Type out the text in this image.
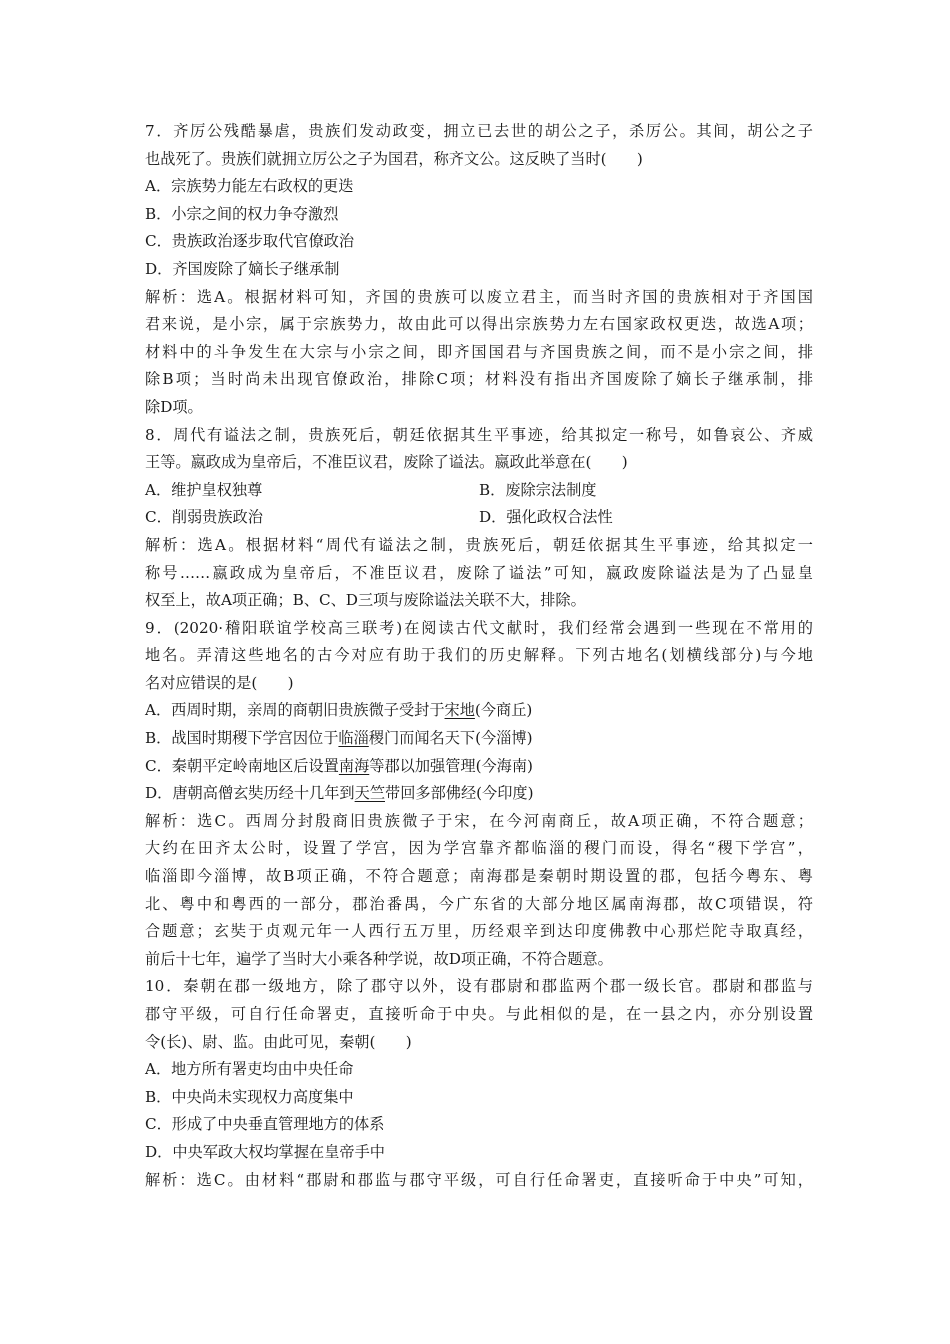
7．齐厉公残酷暴虐，贵族们发动政变，拥立已去世的胡公之子，杀厉公。其间，胡公之子
也战死了。贵族们就拥立厉公之子为国君，称齐文公。这反映了当时(　　)
A．宗族势力能左右政权的更迭
B．小宗之间的权力争夺激烈
C．贵族政治逐步取代官僚政治
D．齐国废除了嫡长子继承制
解析：选A。根据材料可知，齐国的贵族可以废立君主，而当时齐国的贵族相对于齐国国
君来说，是小宗，属于宗族势力，故由此可以得出宗族势力左右国家政权更迭，故选A项；
材料中的斗争发生在大宗与小宗之间，即齐国国君与齐国贵族之间，而不是小宗之间，排
除B项；当时尚未出现官僚政治，排除C项；材料没有指出齐国废除了嫡长子继承制，排
除D项。
8．周代有谥法之制，贵族死后，朝廷依据其生平事迹，给其拟定一称号，如鲁哀公、齐威
王等。嬴政成为皇帝后，不准臣议君，废除了谥法。嬴政此举意在(　　)
A．维护皇权独尊	B．废除宗法制度
C．削弱贵族政治	D．强化政权合法性
解析：选A。根据材料“周代有谥法之制，贵族死后，朝廷依据其生平事迹，给其拟定一
称号……嬴政成为皇帝后，不准臣议君，废除了谥法”可知，嬴政废除谥法是为了凸显皇
权至上，故A项正确；B、C、D三项与废除谥法关联不大，排除。
9．(2020·稽阳联谊学校高三联考)在阅读古代文献时，我们经常会遇到一些现在不常用的
地名。弄清这些地名的古今对应有助于我们的历史解释。下列古地名(划横线部分)与今地
名对应错误的是(　　)
A．西周时期，亲周的商朝旧贵族微子受封于宋地(今商丘)
B．战国时期稷下学宫因位于临淄稷门而闻名天下(今淄博)
C．秦朝平定岭南地区后设置南海等郡以加强管理(今海南)
D．唐朝高僧玄奘历经十几年到天竺带回多部佛经(今印度)
解析：选C。西周分封殷商旧贵族微子于宋，在今河南商丘，故A项正确，不符合题意；
大约在田齐太公时，设置了学宫，因为学宫靠齐都临淄的稷门而设，得名“稷下学宫”，
临淄即今淄博，故B项正确，不符合题意；南海郡是秦朝时期设置的郡，包括今粤东、粤
北、粤中和粤西的一部分，郡治番禺，今广东省的大部分地区属南海郡，故C项错误，符
合题意；玄奘于贞观元年一人西行五万里，历经艰辛到达印度佛教中心那烂陀寺取真经，
前后十七年，遍学了当时大小乘各种学说，故D项正确，不符合题意。
10．秦朝在郡一级地方，除了郡守以外，设有郡尉和郡监两个郡一级长官。郡尉和郡监与
郡守平级，可自行任命署吏，直接听命于中央。与此相似的是，在一县之内，亦分别设置
令(长)、尉、监。由此可见，秦朝(　　)
A．地方所有署吏均由中央任命
B．中央尚未实现权力高度集中
C．形成了中央垂直管理地方的体系
D．中央军政大权均掌握在皇帝手中
解析：选C。由材料“郡尉和郡监与郡守平级，可自行任命署吏，直接听命于中央”可知，
